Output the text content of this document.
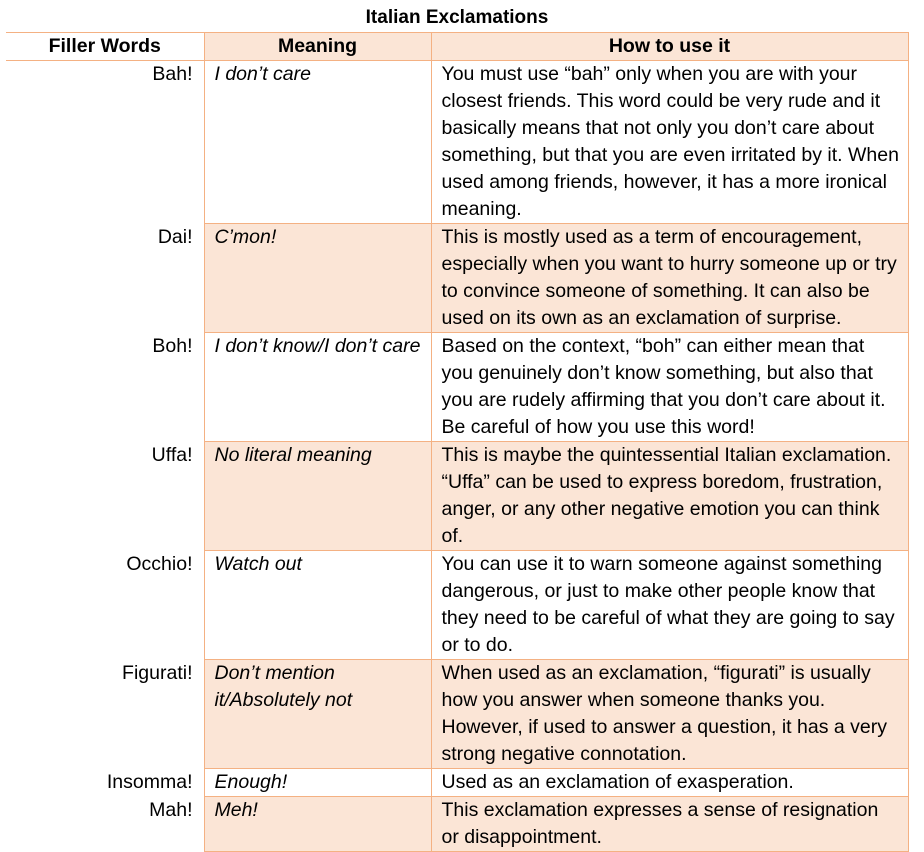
Italian Exclamations
Filler Words	Meaning	How to use it
Bah!	I don’t care	You must use “bah” only when you are with your closest friends. This word could be very rude and it basically means that not only you don’t care about something, but that you are even irritated by it. When used among friends, however, it has a more ironical meaning.
Dai!	C’mon!	This is mostly used as a term of encouragement, especially when you want to hurry someone up or try to convince someone of something. It can also be used on its own as an exclamation of surprise.
Boh!	I don’t know/I don’t care	Based on the context, “boh” can either mean that you genuinely don’t know something, but also that you are rudely affirming that you don’t care about it. Be careful of how you use this word!
Uffa!	No literal meaning	This is maybe the quintessential Italian exclamation. “Uffa” can be used to express boredom, frustration, anger, or any other negative emotion you can think of.
Occhio!	Watch out	You can use it to warn someone against something dangerous, or just to make other people know that they need to be careful of what they are going to say or to do.
Figurati!	Don’t mention it/Absolutely not	When used as an exclamation, “figurati” is usually how you answer when someone thanks you. However, if used to answer a question, it has a very strong negative connotation.
Insomma!	Enough!	Used as an exclamation of exasperation.
Mah!	Meh!	This exclamation expresses a sense of resignation or disappointment.
